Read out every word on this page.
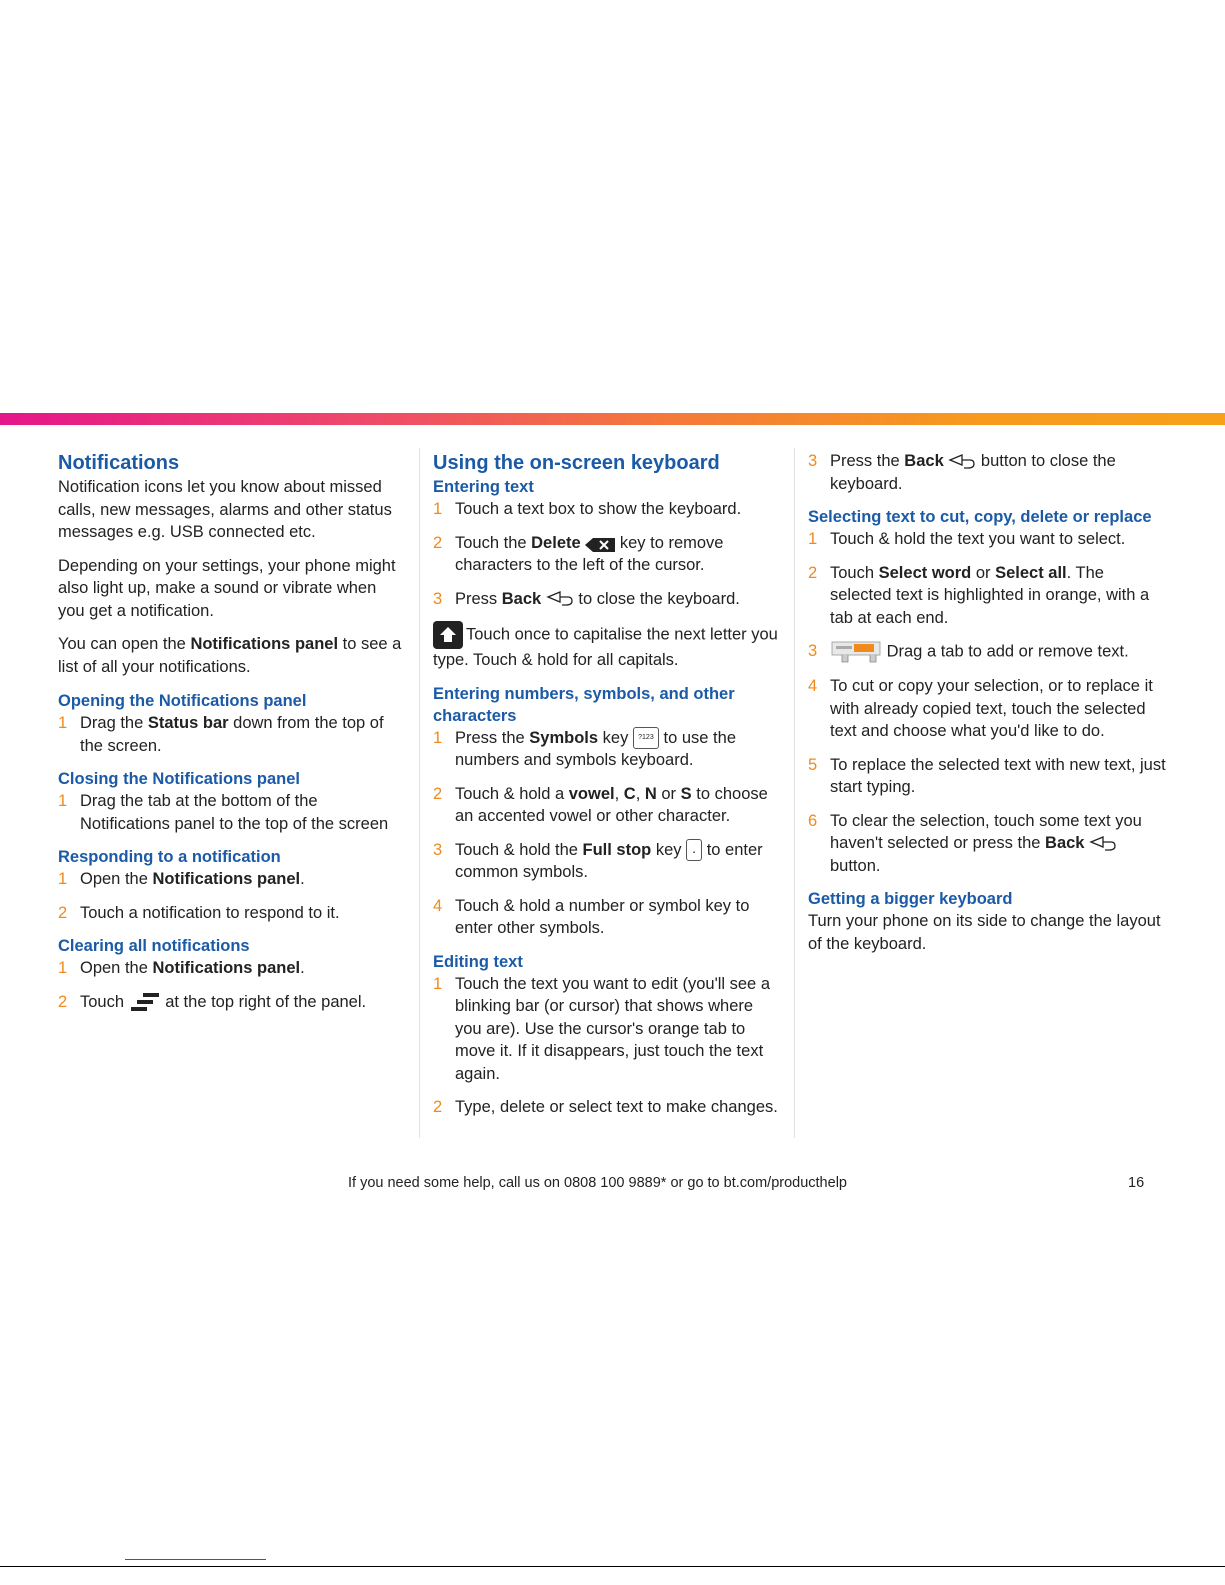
Notifications

Notification icons let you know about missed calls, new messages, alarms and other status messages e.g. USB connected etc.

Depending on your settings, your phone might also light up, make a sound or vibrate when you get a notification.

You can open the Notifications panel to see a list of all your notifications.

Opening the Notifications panel
1 Drag the Status bar down from the top of the screen.
Closing the Notifications panel
1 Drag the tab at the bottom of the Notifications panel to the top of the screen
Responding to a notification
1 Open the Notifications panel.
2 Touch a notification to respond to it.
Clearing all notifications
1 Open the Notifications panel.
2 Touch  at the top right of the panel.
Using the on-screen keyboard
Entering text
1 Touch a text box to show the keyboard.
2 Touch the Delete  key to remove characters to the left of the cursor.
3 Press Back  to close the keyboard.

Touch once to capitalise the next letter you type. Touch & hold for all capitals.

Entering numbers, symbols, and other characters
1 Press the Symbols key ?123 to use the numbers and symbols keyboard.
2 Touch & hold a vowel, C, N or S to choose an accented vowel or other character.
3 Touch & hold the Full stop key . to enter common symbols.
4 Touch & hold a number or symbol key to enter other symbols.
Editing text
1 Touch the text you want to edit (you'll see a blinking bar (or cursor) that shows where you are). Use the cursor's orange tab to move it. If it disappears, just touch the text again.
2 Type, delete or select text to make changes.
3 Press the Back  button to close the keyboard.
Selecting text to cut, copy, delete or replace
1 Touch & hold the text you want to select.
2 Touch Select word or Select all. The selected text is highlighted in orange, with a tab at each end.
3	Drag a tab to add or remove text.
4 To cut or copy your selection, or to replace it with already copied text, touch the selected text and choose what you'd like to do.
5 To replace the selected text with new text, just start typing.
6 To clear the selection, touch some text you haven't selected or press the Back  button.
Getting a bigger keyboard

Turn your phone on its side to change the layout of the keyboard.

If you need some help, call us on 0808 100 9889* or go to bt.com/producthelp	16
